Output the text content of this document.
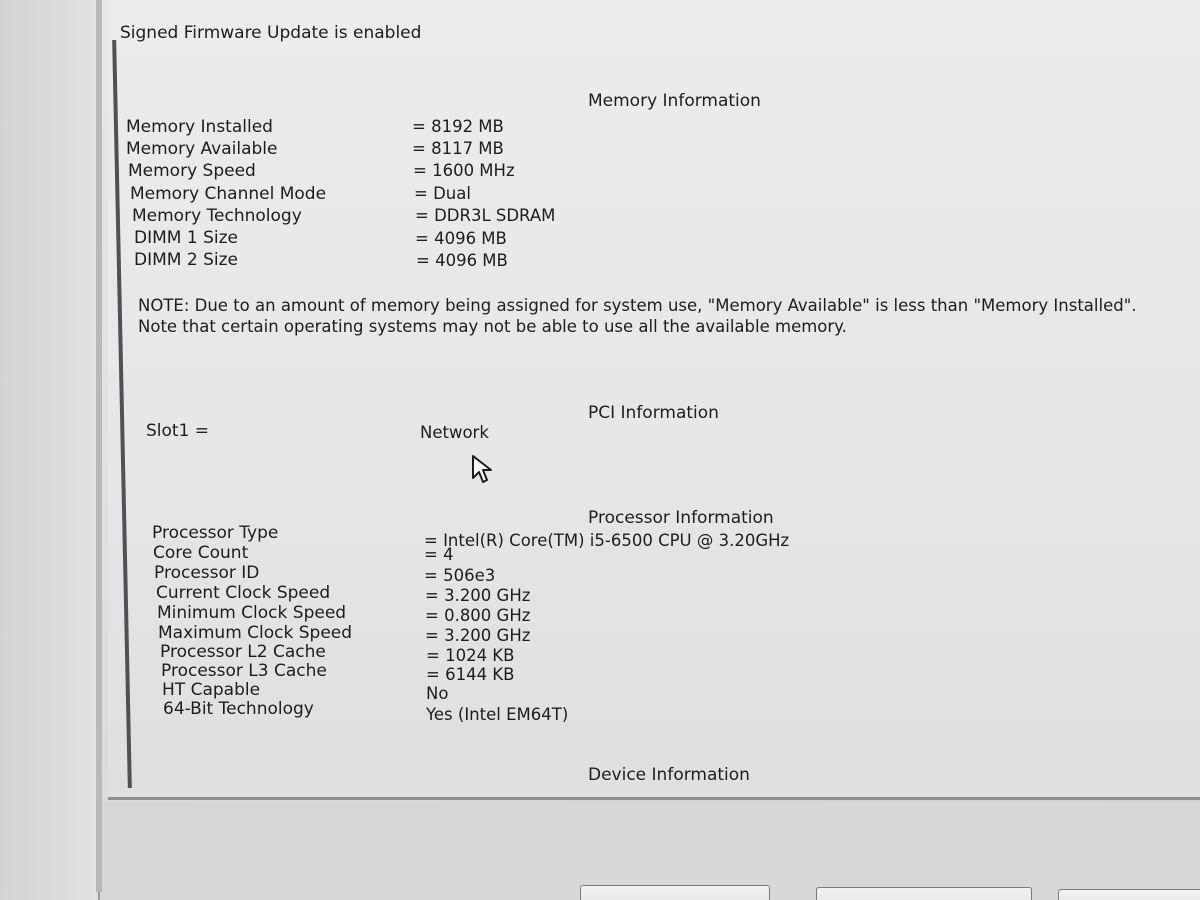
Signed Firmware Update is enabled

Memory Information

Memory Installed	= 8192 MB

Memory Available	= 8117 MB

Memory Speed	= 1600 MHz

Memory Channel Mode	= Dual

Memory Technology	= DDR3L SDRAM

DIMM 1 Size	= 4096 MB

DIMM 2 Size	= 4096 MB

NOTE: Due to an amount of memory being assigned for system use, "Memory Available" is less than "Memory Installed". Note that certain operating systems may not be able to use all the available memory.

PCI Information

Slot1 =	Network

Processor Information

Processor Type	= Intel(R) Core(TM) i5-6500 CPU @ 3.20GHz

Core Count	= 4

Processor ID	= 506e3

Current Clock Speed	= 3.200 GHz

Minimum Clock Speed	= 0.800 GHz

Maximum Clock Speed	= 3.200 GHz

Processor L2 Cache	= 1024 KB

Processor L3 Cache	= 6144 KB

HT Capable	No

64-Bit Technology	Yes (Intel EM64T)

Device Information
